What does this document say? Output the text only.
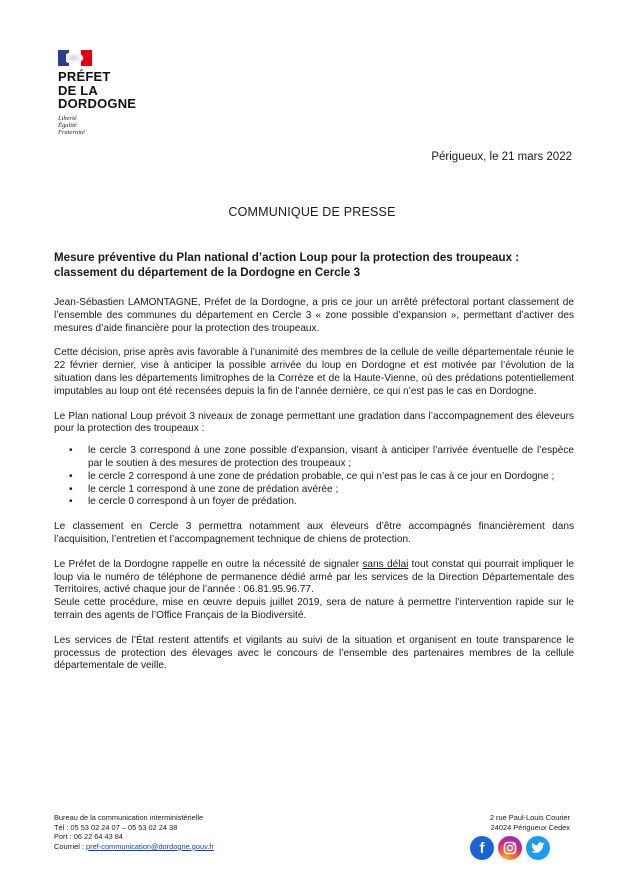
PRÉFET
DE LA
DORDOGNE
Liberté
Égalité
Fraternité
Périgueux, le 21 mars 2022
COMMUNIQUE DE PRESSE
Mesure préventive du Plan national d’action Loup pour la protection des troupeaux : classement du département de la Dordogne en Cercle 3

Jean-Sébastien LAMONTAGNE, Préfet de la Dordogne, a pris ce jour un arrêté préfectoral portant classement de l’ensemble des communes du département en Cercle 3 « zone possible d’expansion », permettant d’activer des mesures d’aide financière pour la protection des troupeaux.

Cette décision, prise après avis favorable à l’unanimité des membres de la cellule de veille départementale réunie le 22 février dernier, vise à anticiper la possible arrivée du loup en Dordogne et est motivée par l’évolution de la situation dans les départements limitrophes de la Corrèze et de la Haute-Vienne, où des prédations potentiellement imputables au loup ont été recensées depuis la fin de l’année dernière, ce qui n’est pas le cas en Dordogne.

Le Plan national Loup prévoit 3 niveaux de zonage permettant une gradation dans l’accompagnement des éleveurs pour la protection des troupeaux :

• le cercle 3 correspond à une zone possible d’expansion, visant à anticiper l’arrivée éventuelle de l’espèce par le soutien à des mesures de protection des troupeaux ;
• le cercle 2 correspond à une zone de prédation probable, ce qui n’est pas le cas à ce jour en Dordogne ;
• le cercle 1 correspond à une zone de prédation avérée ;
• le cercle 0 correspond à un foyer de prédation.

Le classement en Cercle 3 permettra notamment aux éleveurs d’être accompagnés financièrement dans l’acquisition, l’entretien et l’accompagnement technique de chiens de protection.

Le Préfet de la Dordogne rappelle en outre la nécessité de signaler sans délai tout constat qui pourrait impliquer le loup via le numéro de téléphone de permanence dédié armé par les services de la Direction Départementale des Territoires, activé chaque jour de l’année : 06.81.95.96.77.

Seule cette procédure, mise en œuvre depuis juillet 2019, sera de nature à permettre l’intervention rapide sur le terrain des agents de l’Office Français de la Biodiversité.

Les services de l’État restent attentifs et vigilants au suivi de la situation et organisent en toute transparence le processus de protection des élevages avec le concours de l’ensemble des partenaires membres de la cellule départementale de veille.

Bureau de la communication interministérielle
Tél : 05 53 02 24 07 – 05 53 02 24 38
Port : 06 22 64 43 84
Courriel : pref-communication@dordogne.gouv.fr
2 rue Paul-Louis Courier
24024 Périgueux Cedex
f
